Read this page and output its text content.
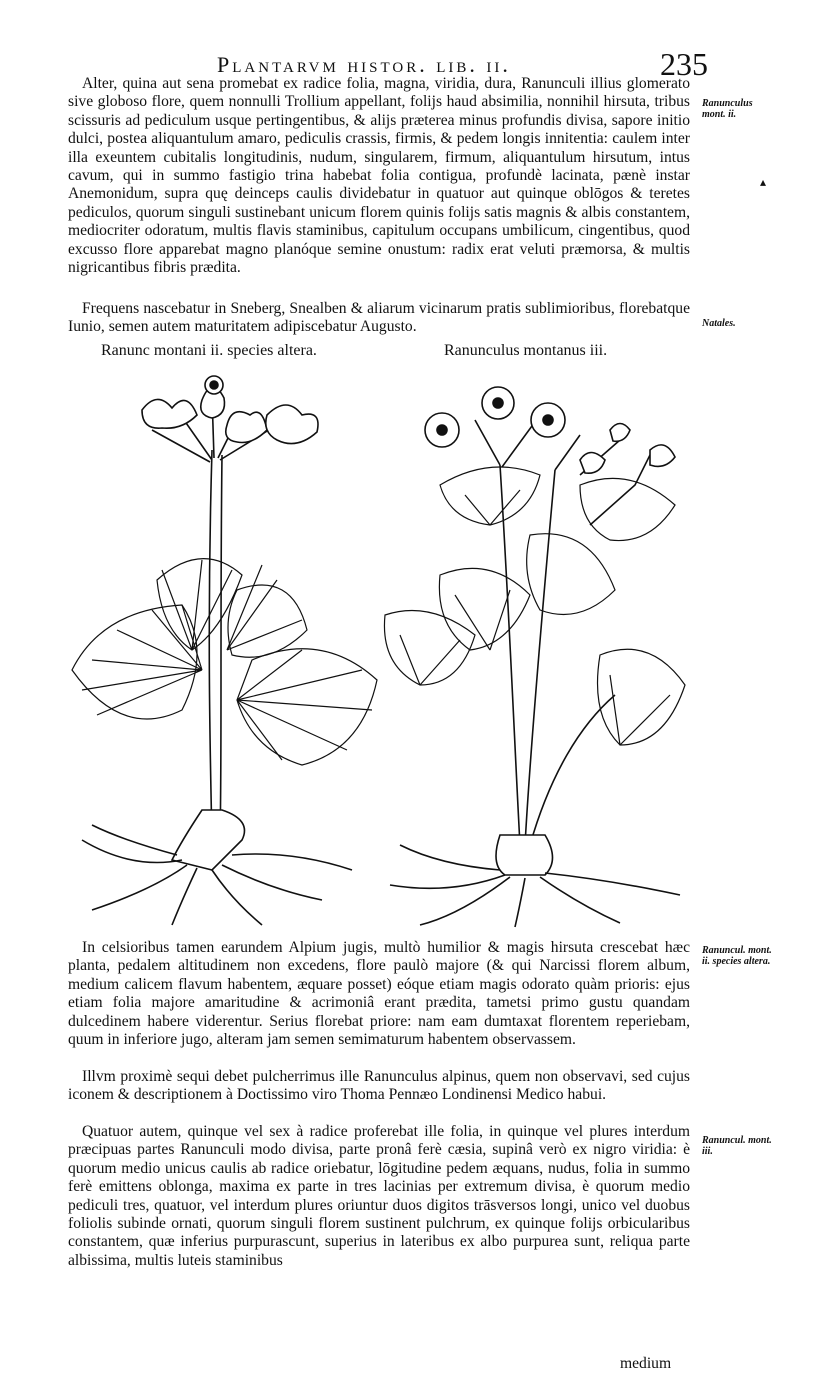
Plantarvm histor. lib. ii.	235
Alter, quina aut sena promebat ex radice folia, magna, viridia, dura, Ranunculi illius glomerato sive globoso flore, quem nonnulli Trollium appellant, folijs haud absimilia, nonnihil hirsuta, tribus scissuris ad pediculum usque pertingentibus, & alijs præterea minus profundis divisa, sapore initio dulci, postea aliquantulum amaro, pediculis crassis, firmis, & pedem longis innitentia: caulem inter illa exeuntem cubitalis longitudinis, nudum, singularem, firmum, aliquantulum hirsutum, intus cavum, qui in summo fastigio trina habebat folia contigua, profundè lacinata, pænè instar Anemonidum, supra quę deinceps caulis dividebatur in quatuor aut quinque oblōgos & teretes pediculos, quorum singuli sustinebant unicum florem quinis folijs satis magnis & albis constantem, mediocriter odoratum, multis flavis staminibus, capitulum occupans umbilicum, cingentibus, quod excusso flore apparebat magno planóque semine onustum: radix erat veluti præmorsa, & multis nigricantibus fibris prædita.
Ranunculus mont. ii.
▴
Frequens nascebatur in Sneberg, Snealben & aliarum vicinarum pratis sublimioribus, florebatque Iunio, semen autem maturitatem adipiscebatur Augusto.	Natales.
Ranunc montani ii. species altera.	Ranunculus montanus iii.
In celsioribus tamen earundem Alpium jugis, multò humilior & magis hirsuta crescebat hæc planta, pedalem altitudinem non excedens, flore paulò majore (& qui Narcissi florem album, medium calicem flavum habentem, æquare posset) eóque etiam magis odorato quàm prioris: ejus etiam folia majore amaritudine & acrimoniâ erant prædita, tametsi primo gustu quandam dulcedinem habere viderentur. Serius florebat priore: nam eam dumtaxat florentem reperiebam, quum in inferiore jugo, alteram jam semen semimaturum habentem observassem.
Ranuncul. mont. ii. species altera.
Illvm proximè sequi debet pulcherrimus ille Ranunculus alpinus, quem non observavi, sed cujus iconem & descriptionem à Doctissimo viro Thoma Pennæo Londinensi Medico habui.
Quatuor autem, quinque vel sex à radice proferebat ille folia, in quinque vel plures interdum præcipuas partes Ranunculi modo divisa, parte pronâ ferè cæsia, supinâ verò ex nigro viridia: è quorum medio unicus caulis ab radice oriebatur, lōgitudine pedem æquans, nudus, folia in summo ferè emittens oblonga, maxima ex parte in tres lacinias per extremum divisa, è quorum medio pediculi tres, quatuor, vel interdum plures oriuntur duos digitos trāsversos longi, unico vel duobus foliolis subinde ornati, quorum singuli florem sustinent pulchrum, ex quinque folijs orbicularibus constantem, quæ inferius purpurascunt, superius in lateribus ex albo purpurea sunt, reliqua parte albissima, multis luteis staminibus
Ranuncul. mont. iii.
medium
